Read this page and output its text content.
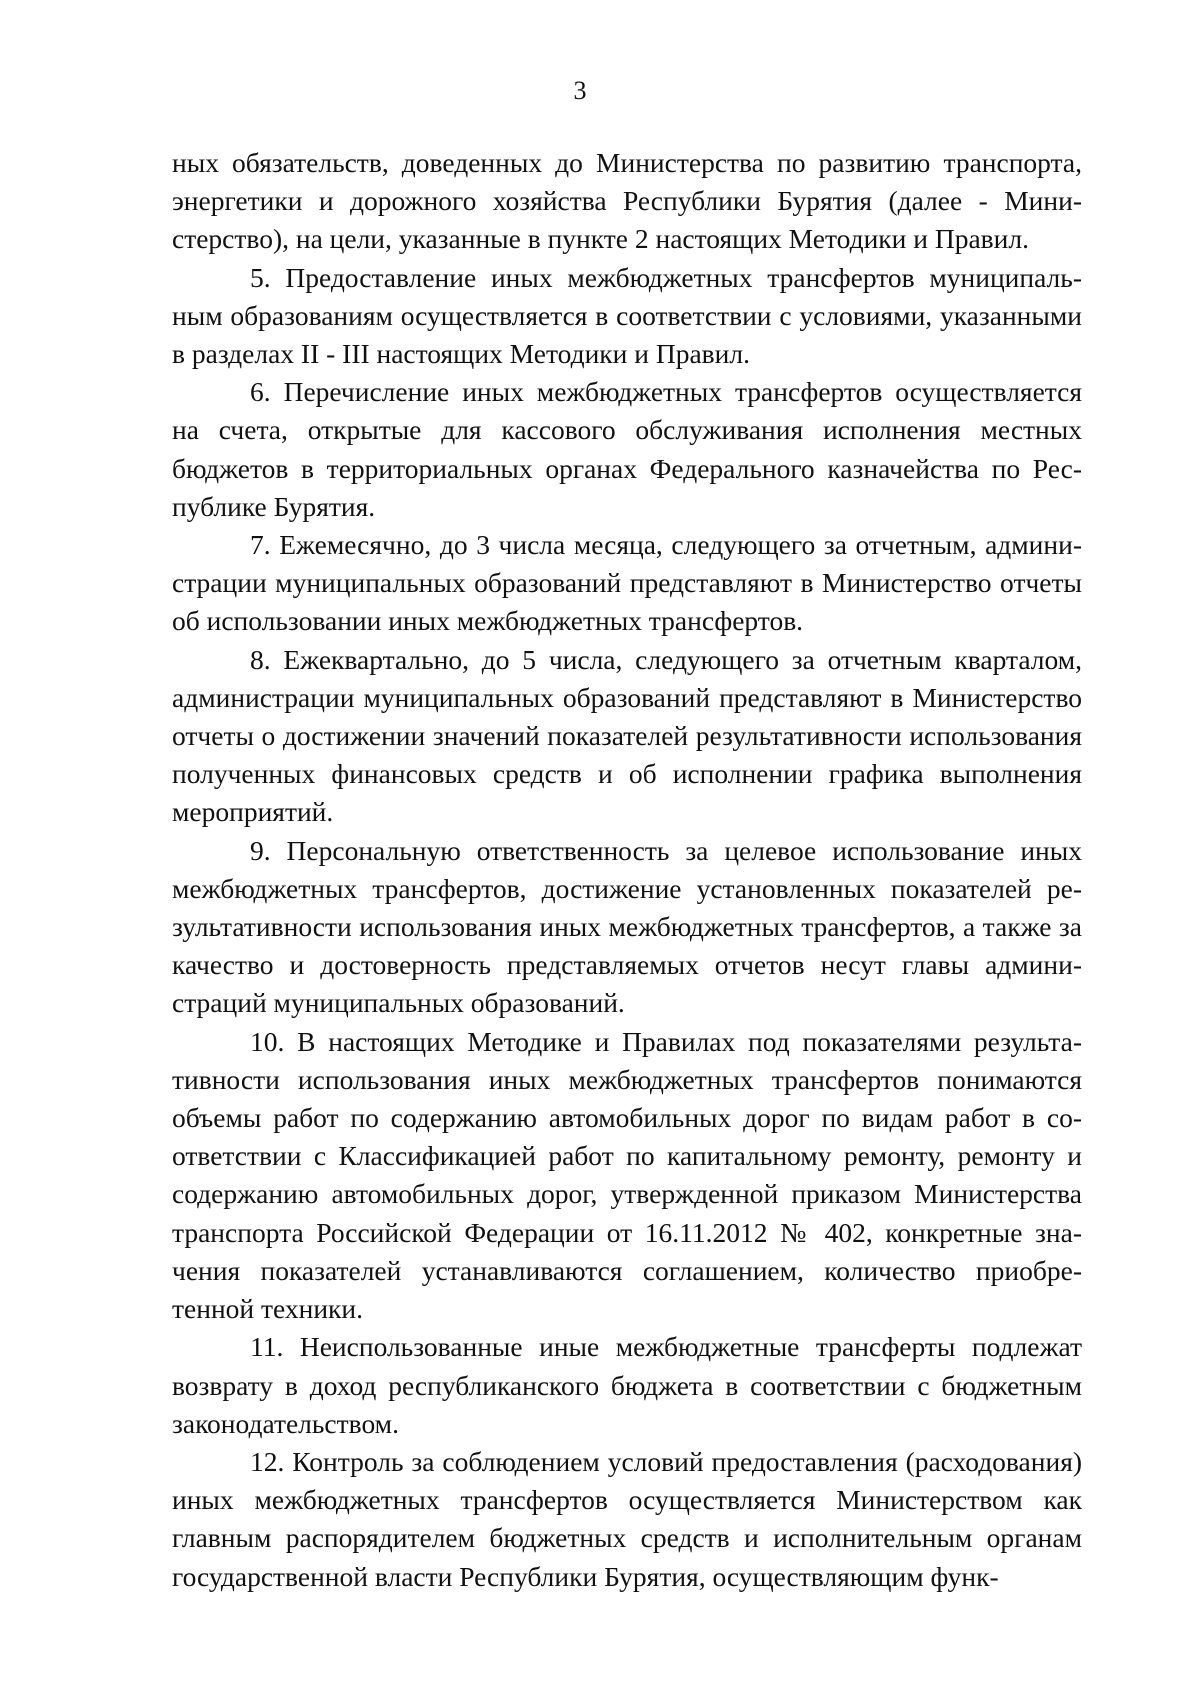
3

ных обязательств, доведенных до Министерства по развитию транспорта, энергетики и дорожного хозяйства Республики Бурятия (далее - Министерство), на цели, указанные в пункте 2 настоящих Методики и Правил.

5. Предоставление иных межбюджетных трансфертов муниципальным образованиям осуществляется в соответствии с условиями, указанными в разделах II - III настоящих Методики и Правил.

6. Перечисление иных межбюджетных трансфертов осуществляется на счета, открытые для кассового обслуживания исполнения местных бюджетов в территориальных органах Федерального казначейства по Республике Бурятия.

7. Ежемесячно, до 3 числа месяца, следующего за отчетным, администрации муниципальных образований представляют в Министерство отчеты об использовании иных межбюджетных трансфертов.

8. Ежеквартально, до 5 числа, следующего за отчетным кварталом, администрации муниципальных образований представляют в Министерство отчеты о достижении значений показателей результативности использования полученных финансовых средств и об исполнении графика выполнения мероприятий.

9. Персональную ответственность за целевое использование иных межбюджетных трансфертов, достижение установленных показателей результативности использования иных межбюджетных трансфертов, а также за качество и достоверность представляемых отчетов несут главы администраций муниципальных образований.

10. В настоящих Методике и Правилах под показателями результативности использования иных межбюджетных трансфертов понимаются объемы работ по содержанию автомобильных дорог по видам работ в соответствии с Классификацией работ по капитальному ремонту, ремонту и содержанию автомобильных дорог, утвержденной приказом Министерства транспорта Российской Федерации от 16.11.2012 № 402, конкретные значения показателей устанавливаются соглашением, количество приобретенной техники.

11. Неиспользованные иные межбюджетные трансферты подлежат возврату в доход республиканского бюджета в соответствии с бюджетным законодательством.

12. Контроль за соблюдением условий предоставления (расходования) иных межбюджетных трансфертов осуществляется Министерством как главным распорядителем бюджетных средств и исполнительным органам государственной власти Республики Бурятия, осуществляющим функ-
